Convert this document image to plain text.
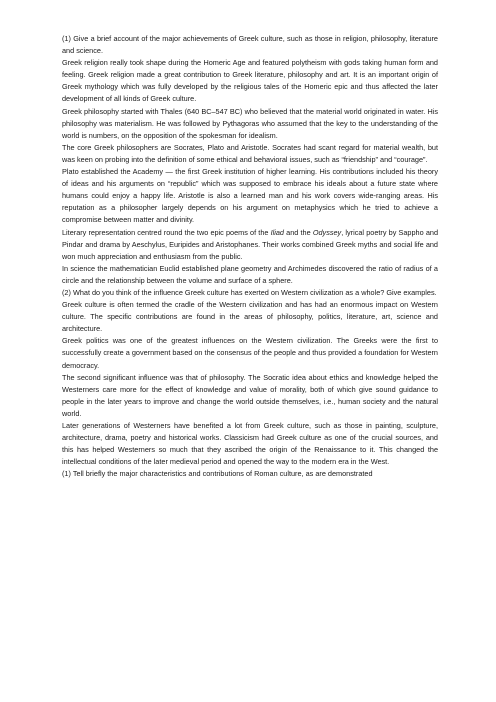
(1) Give a brief account of the major achievements of Greek culture, such as those in religion, philosophy, literature and science.

Greek religion really took shape during the Homeric Age and featured polytheism with gods taking human form and feeling. Greek religion made a great contribution to Greek literature, philosophy and art. It is an important origin of Greek mythology which was fully developed by the religious tales of the Homeric epic and thus affected the later development of all kinds of Greek culture.

Greek philosophy started with Thales (640 BC–547 BC) who believed that the material world originated in water. His philosophy was materialism. He was followed by Pythagoras who assumed that the key to the understanding of the world is numbers, on the opposition of the spokesman for idealism.

The core Greek philosophers are Socrates, Plato and Aristotle. Socrates had scant regard for material wealth, but was keen on probing into the definition of some ethical and behavioral issues, such as “friendship” and “courage”.

Plato established the Academy — the first Greek institution of higher learning. His contributions included his theory of ideas and his arguments on “republic” which was supposed to embrace his ideals about a future state where humans could enjoy a happy life. Aristotle is also a learned man and his work covers wide-ranging areas. His reputation as a philosopher largely depends on his argument on metaphysics which he tried to achieve a compromise between matter and divinity.

Literary representation centred round the two epic poems of the Iliad and the Odyssey, lyrical poetry by Sappho and Pindar and drama by Aeschylus, Euripides and Aristophanes. Their works combined Greek myths and social life and won much appreciation and enthusiasm from the public.

In science the mathematician Euclid established plane geometry and Archimedes discovered the ratio of radius of a circle and the relationship between the volume and surface of a sphere.

(2) What do you think of the influence Greek culture has exerted on Western civilization as a whole? Give examples.

Greek culture is often termed the cradle of the Western civilization and has had an enormous impact on Western culture. The specific contributions are found in the areas of philosophy, politics, literature, art, science and architecture.

Greek politics was one of the greatest influences on the Western civilization. The Greeks were the first to successfully create a government based on the consensus of the people and thus provided a foundation for Western democracy.

The second significant influence was that of philosophy. The Socratic idea about ethics and knowledge helped the Westerners care more for the effect of knowledge and value of morality, both of which give sound guidance to people in the later years to improve and change the world outside themselves, i.e., human society and the natural world.

Later generations of Westerners have benefited a lot from Greek culture, such as those in painting, sculpture, architecture, drama, poetry and historical works. Classicism had Greek culture as one of the crucial sources, and this has helped Westerners so much that they ascribed the origin of the Renaissance to it. This changed the intellectual conditions of the later medieval period and opened the way to the modern era in the West.

(1) Tell briefly the major characteristics and contributions of Roman culture, as are demonstrated
